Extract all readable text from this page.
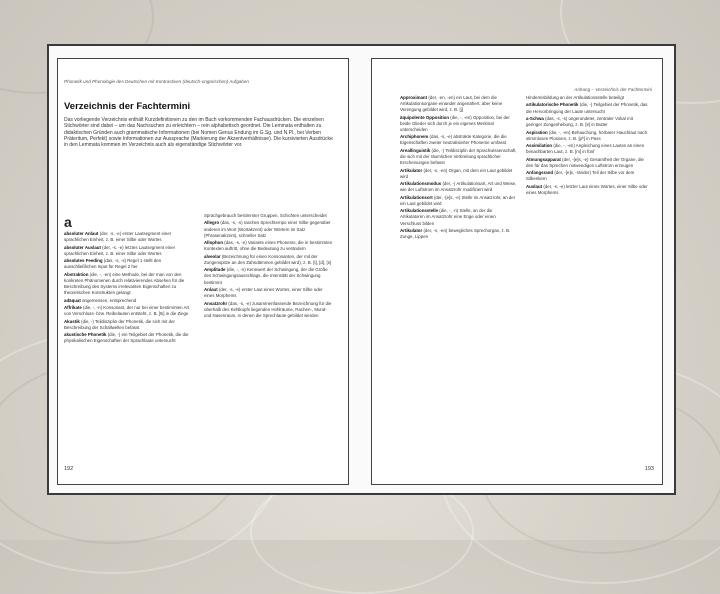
Phonetik und Phonologie des Deutschen mit Kontrastiven (deutsch-ungarischen) Aufgaben
Verzeichnis der Fachtermini
Das vorliegende Verzeichnis enthält Kurzdefinitionen zu den im Buch vorkommenden Fachausdrücken. Die einzelnen Stichwörter sind dabei – um das Nachsuchen zu erleichtern – rein alphabetisch geordnet. Die Lemmata enthalten zu didaktischen Gründen auch grammatische Informationen (bei Nomen Genus Endung im G.Sg. und N.Pl., bei Verben Präteritum, Perfekt) sowie Informationen zur Aussprache (Markierung der Akzentverhältnisse). Die kursivierten Ausdrücke in den Lemmata kommen im Verzeichnis auch als eigenständige Stichwörter vor.
a
absoluter Anlaut (der, -s, -e) erster Lautsegment einer sprachlichen Einheit, z. B. einer Silbe oder Wortes
absoluter Auslaut (der, -s, -e) letztes Lautsegment einer sprachlichen Einheit, z. B. einer Silbe oder Wortes
absolutes Feeding (das, -s, -s) Regel 1 stellt den ausschließlichen Input für Regel 2 her
Abstraktion (die, -, -en) eine Methode, bei der man von den konkreten Phänomenen durch relativierendes Absehen für die Beschreibung des Systems irrelevanten Eigenschaften zu theoretischen Konstrukten gelangt
adäquat angemessen, entsprechend
Affrikate (die, -, -n) Konsonant, der nur bei einer bestimmten Art von Verschluss- bzw. Reibelauten entsteht, z. B. [ʦ] in die Ziege
Akustik (die, -) Teildisziplin der Phonetik, die sich mit der Beschreibung der Schallwellen befasst
akustische Phonetik (die, -) ein Teilgebiet der Phonetik, die die physikalischen Eigenschaften der Sprachlaute untersucht
Sprachgebrauch bestimmter Gruppen, Schichten unterscheidet
Allegro (das, -s, -s) rasches Sprechtempo einer Silbe gegenüber anderen im Wort (Wortakzent) oder Wörtern im Satz (Phrasenakzent), schneller Satz
Allophon (das, -s, -e) Variante eines Phonems, die in bestimmten Kontexten auftritt, ohne die Bedeutung zu verändern
alveolar (Bezeichnung für einen Konsonanten, der mit der Zungenspitze an den Zahndämmen gebildet wird), z. B. [t], [d], [n]
Amplitude (die, -, -n) Kennwert der Schwingung, der die Größe des Schwingungsausschlags, die Intensität der Schwingung bestimmt
Anlaut (der, -s, -e) erster Laut eines Wortes, einer Silbe oder eines Morphems
Ansatzrohr (das, -s, -e) zusammenfassende Bezeichnung für die oberhalb des Kehlkopfs liegenden Hohlräume, Rachen-, Mund- und Nasenraum, in denen die Sprechlaute gebildet werden
192
Anhang – Verzeichnis der Fachtermini
Approximant (der, -en, -en) ein Laut, bei dem die Artikulationsorgane einander angenähert, aber keine Verengung gebildet wird, z. B. [j]
äquipolente Opposition (die, -, -en) Opposition, bei der beide Glieder sich durch je ein eigenes Merkmal unterscheiden
Archiphonem (das, -s, -e) abstrakte Kategorie, die die Eigenschaften zweier neutralisierter Phoneme umfasst
Areallinguistik (die, -) Teildisziplin der Sprachwissenschaft, die sich mit der räumlichen Verbreitung sprachlicher Erscheinungen befasst
Artikulator (der, -s, -en) Organ, mit dem ein Laut gebildet wird
Artikulationsmodus (der, -) Artikulationsart, Art und Weise, wie der Luftstrom im Ansatzrohr modifiziert wird
Artikulationsort (der, -[e]s, -e) Stelle im Ansatzrohr, an der ein Laut gebildet wird
Artikulationsstelle (die, -, -n) Stelle, an der die Artikulatoren im Ansatzrohr eine Enge oder einen Verschluss bilden
Artikulator (der, -s, -en) bewegliches Sprechorgan, z. B. Zunge, Lippen
Hindernisbildung an der Artikulationsstelle beteiligt
artikulatorische Phonetik (die, -) Teilgebiet der Phonetik, das die Hervorbringung der Laute untersucht
a-Schwa (das, -s, -s) ungerundeter, zentraler Vokal mit geringer Zungenhebung, z. B. [ɐ] in Butter
Aspiration (die, -, -en) Behauchung, hörbarer Hauchlaut nach stimmlosen Plosiven, z. B. [pʰ] in Pass
Assimilation (die, -, -en) Angleichung eines Lautes an einen benachbarten Laut, z. B. [m] in fünf
Atmungsapparat (der, -[e]s, -e) Gesamtheit der Organe, die den für das Sprechen notwendigen Luftstrom erzeugen
Anfangsrand (der, -[e]s, -ränder) Teil der Silbe vor dem Silbenkern
Auslaut (der, -s, -e) letzter Laut eines Wortes, einer Silbe oder eines Morphems
193
